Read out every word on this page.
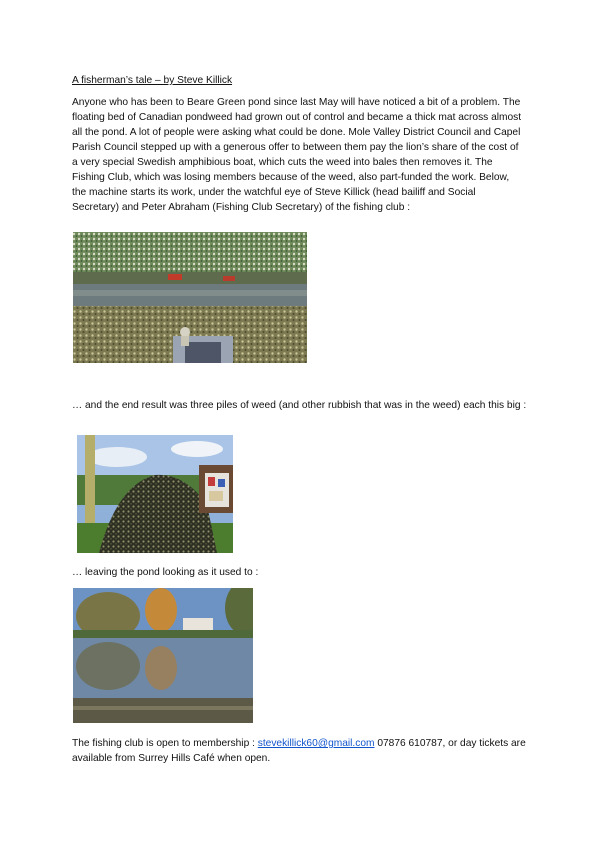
A fisherman’s tale – by Steve Killick

Anyone who has been to Beare Green pond since last May will have noticed a bit of a problem. The floating bed of Canadian pondweed had grown out of control and became a thick mat across almost all the pond. A lot of people were asking what could be done. Mole Valley District Council and Capel Parish Council stepped up with a generous offer to between them pay the lion’s share of the cost of a very special Swedish amphibious boat, which cuts the weed into bales then removes it. The Fishing Club, which was losing members because of the weed, also part-funded the work. Below, the machine starts its work, under the watchful eye of Steve Killick (head bailiff and Social Secretary) and Peter Abraham (Fishing Club Secretary) of the fishing club :

… and the end result was three piles of weed (and other rubbish that was in the weed) each this big :

… leaving the pond looking as it used to :

The fishing club is open to membership : stevekillick60@gmail.com 07876 610787, or day tickets are available from Surrey Hills Café when open.
